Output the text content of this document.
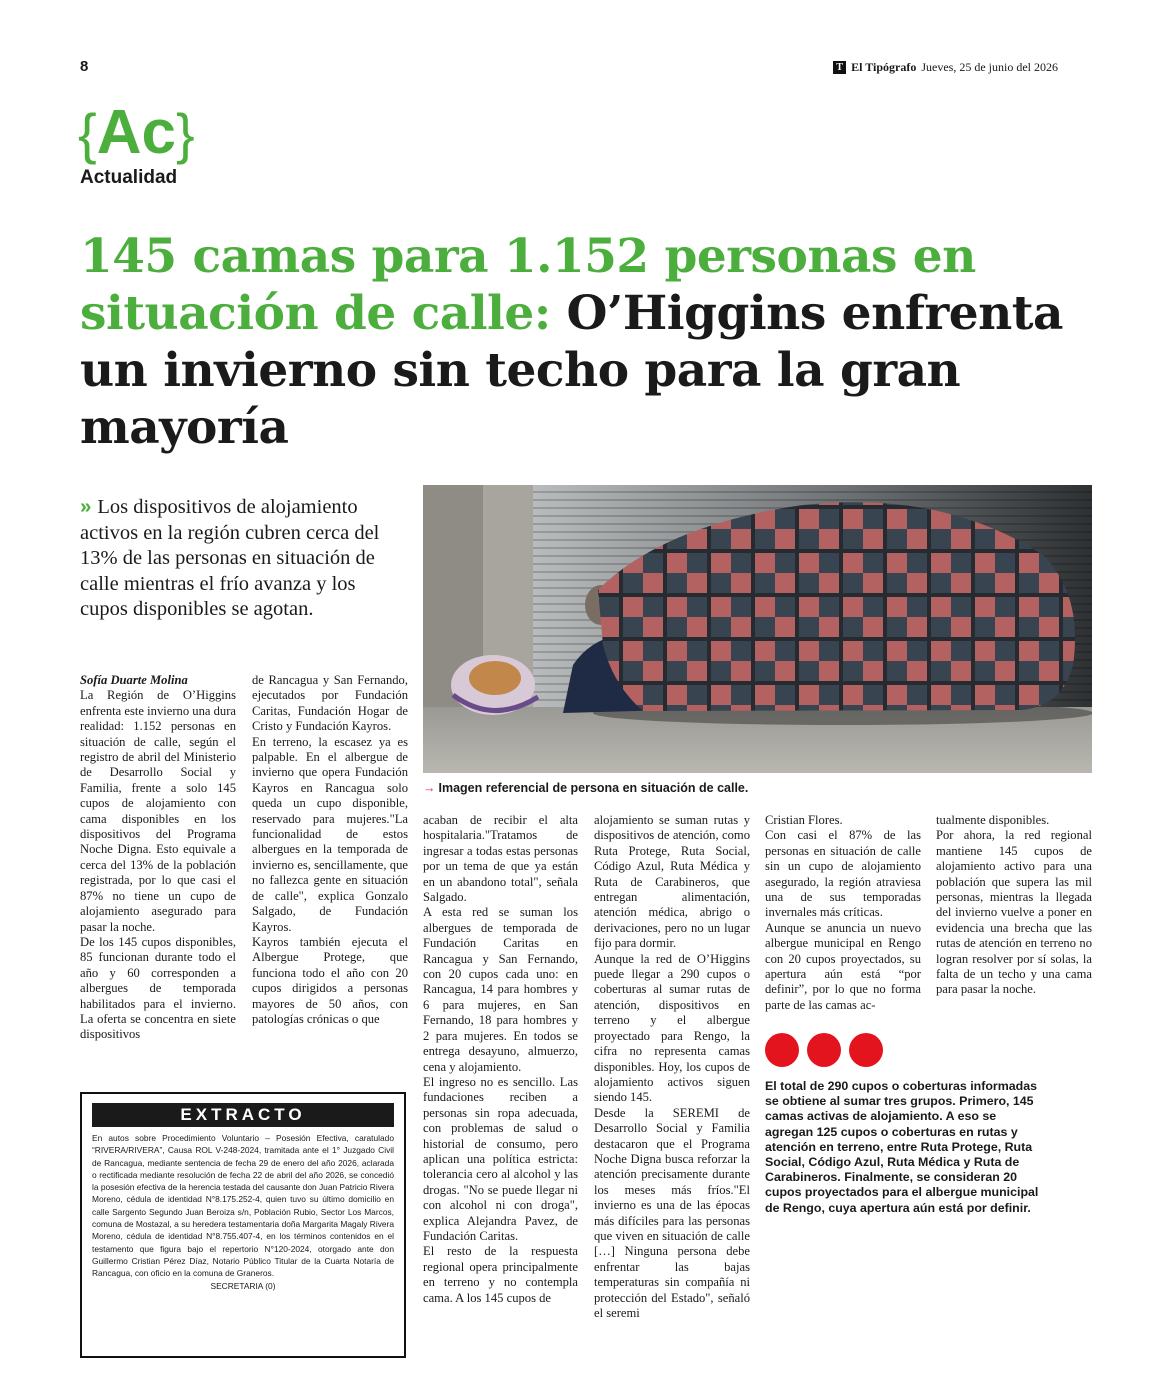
8	T El Tipógrafo Jueves, 25 de junio del 2026
{Ac}
Actualidad
145 camas para 1.152 personas en situación de calle: O’Higgins enfrenta un invierno sin techo para la gran mayoría
» Los dispositivos de alojamiento activos en la región cubren cerca del 13% de las personas en situación de calle mientras el frío avanza y los cupos disponibles se agotan.
→ Imagen referencial de persona en situación de calle.

Sofía Duarte Molina

La Región de O’Higgins enfrenta este invierno una dura realidad: 1.152 personas en situación de calle, según el registro de abril del Ministerio de Desarrollo Social y Familia, frente a solo 145 cupos de alojamiento con cama disponibles en los dispositivos del Programa Noche Digna. Esto equivale a cerca del 13% de la población registrada, por lo que casi el 87% no tiene un cupo de alojamiento asegurado para pasar la noche.

De los 145 cupos disponibles, 85 funcionan durante todo el año y 60 corresponden a albergues de temporada habilitados para el invierno. La oferta se concentra en siete dispositivos

de Rancagua y San Fernando, ejecutados por Fundación Caritas, Fundación Hogar de Cristo y Fundación Kayros.

En terreno, la escasez ya es palpable. En el albergue de invierno que opera Fundación Kayros en Rancagua solo queda un cupo disponible, reservado para mujeres."La funcionalidad de estos albergues en la temporada de invierno es, sencillamente, que no fallezca gente en situación de calle", explica Gonzalo Salgado, de Fundación Kayros.

Kayros también ejecuta el Albergue Protege, que funciona todo el año con 20 cupos dirigidos a personas mayores de 50 años, con patologías crónicas o que

acaban de recibir el alta hospitalaria."Tratamos de ingresar a todas estas personas por un tema de que ya están en un abandono total", señala Salgado.

A esta red se suman los albergues de temporada de Fundación Caritas en Rancagua y San Fernando, con 20 cupos cada uno: en Rancagua, 14 para hombres y 6 para mujeres, en San Fernando, 18 para hombres y 2 para mujeres. En todos se entrega desayuno, almuerzo, cena y alojamiento.

El ingreso no es sencillo. Las fundaciones reciben a personas sin ropa adecuada, con problemas de salud o historial de consumo, pero aplican una política estricta: tolerancia cero al alcohol y las drogas. "No se puede llegar ni con alcohol ni con droga", explica Alejandra Pavez, de Fundación Caritas.

El resto de la respuesta regional opera principalmente en terreno y no contempla cama. A los 145 cupos de

alojamiento se suman rutas y dispositivos de atención, como Ruta Protege, Ruta Social, Código Azul, Ruta Médica y Ruta de Carabineros, que entregan alimentación, atención médica, abrigo o derivaciones, pero no un lugar fijo para dormir.

Aunque la red de O’Higgins puede llegar a 290 cupos o coberturas al sumar rutas de atención, dispositivos en terreno y el albergue proyectado para Rengo, la cifra no representa camas disponibles. Hoy, los cupos de alojamiento activos siguen siendo 145.

Desde la SEREMI de Desarrollo Social y Familia destacaron que el Programa Noche Digna busca reforzar la atención precisamente durante los meses más fríos."El invierno es una de las épocas más difíciles para las personas que viven en situación de calle […] Ninguna persona debe enfrentar las bajas temperaturas sin compañía ni protección del Estado", señaló el seremi

Cristian Flores.

Con casi el 87% de las personas en situación de calle sin un cupo de alojamiento asegurado, la región atraviesa una de sus temporadas invernales más críticas.

Aunque se anuncia un nuevo albergue municipal en Rengo con 20 cupos proyectados, su apertura aún está “por definir”, por lo que no forma parte de las camas ac-

tualmente disponibles.

Por ahora, la red regional mantiene 145 cupos de alojamiento activo para una población que supera las mil personas, mientras la llegada del invierno vuelve a poner en evidencia una brecha que las rutas de atención en terreno no logran resolver por sí solas, la falta de un techo y una cama para pasar la noche.

El total de 290 cupos o coberturas informadas se obtiene al sumar tres grupos. Primero, 145 camas activas de alojamiento. A eso se agregan 125 cupos o coberturas en rutas y atención en terreno, entre Ruta Protege, Ruta Social, Código Azul, Ruta Médica y Ruta de Carabineros. Finalmente, se consideran 20 cupos proyectados para el albergue municipal de Rengo, cuya apertura aún está por definir.
EXTRACTO
En autos sobre Procedimiento Voluntario – Posesión Efectiva, caratulado “RIVERA/RIVERA”, Causa ROL V-248-2024, tramitada ante el 1° Juzgado Civil de Rancagua, mediante sentencia de fecha 29 de enero del año 2026, aclarada o rectificada mediante resolución de fecha 22 de abril del año 2026, se concedió la posesión efectiva de la herencia testada del causante don Juan Patricio Rivera Moreno, cédula de identidad N°8.175.252-4, quien tuvo su último domicilio en calle Sargento Segundo Juan Beroiza s/n, Población Rubio, Sector Los Marcos, comuna de Mostazal, a su heredera testamentaria doña Margarita Magaly Rivera Moreno, cédula de identidad N°8.755.407-4, en los términos contenidos en el testamento que figura bajo el repertorio N°120-2024, otorgado ante don Guillermo Cristian Pérez Díaz, Notario Público Titular de la Cuarta Notaría de Rancagua, con oficio en la comuna de Graneros.
SECRETARIA (0)
